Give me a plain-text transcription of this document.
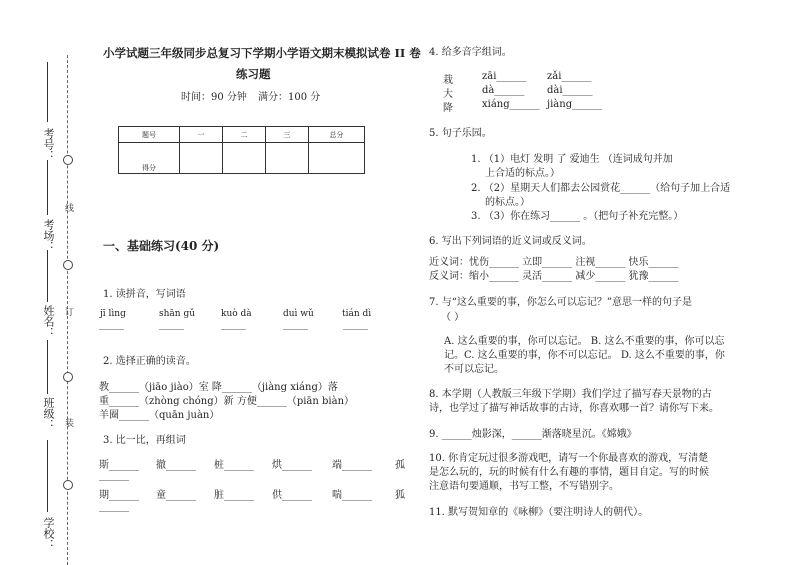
线
订
装
考号：
考场：
姓名：
班级：
学校：
小学试题三年级同步总复习下学期小学语文期末模拟试卷 II 卷
练习题
时间：90 分钟 满分：100 分
题号	一	二	三	总分
得分				
一、基础练习(40 分)
1. 读拼音，写词语
jī lìng	shān gǔ	kuò dà	duì wǔ	tián dì
_____	_____	_____	_____	_____
2. 选择正确的读音。
教______（jiāo jiào）室 降______（jiàng xiáng）落
重______（zhòng chóng）新 方便______（piān biàn）
羊圈______（quān juàn）
3. 比一比，再组词
斯______ 撤______ 桩______ 烘______ 端______ 孤
______
期______ 童______ 脏______ 供______ 喘______ 狐
______
4. 给多音字组词。
栽	zāi______ zǎi______
大	dà______ dài______
降	xiáng______ jiàng______
5. 句子乐园。
1. （1）电灯 发明 了 爱迪生 （连词成句并加
上合适的标点。）
2. （2）星期天人们都去公园赏花______（给句子加上合适
的标点。）
3. （3）你在练习______ 。（把句子补充完整。）
6. 写出下列词语的近义词或反义词。
近义词：忧伤______ 立即______ 注视______ 快乐______
反义词：缩小______ 灵活______ 减少______ 犹豫______
7. 与“这么重要的事，你怎么可以忘记？”意思一样的句子是
（ ）
A. 这么重要的事，你可以忘记。 B. 这么不重要的事，你可以忘
记。C. 这么重要的事，你不可以忘记。 D. 这么不重要的事，你
不可以忘记。
8. 本学期（人教版三年级下学期）我们学过了描写春天景物的古
诗，也学过了描写神话故事的古诗，你喜欢哪一首？请你写下来。
9. ______烛影深，______渐落晓星沉。《嫦娥》
10. 你肯定玩过很多游戏吧，请写一个你最喜欢的游戏，写清楚
是怎么玩的，玩的时候有什么有趣的事情，题目自定。写的时候
注意语句要通顺，书写工整，不写错别字。
11. 默写贺知章的《咏柳》（要注明诗人的朝代）。
